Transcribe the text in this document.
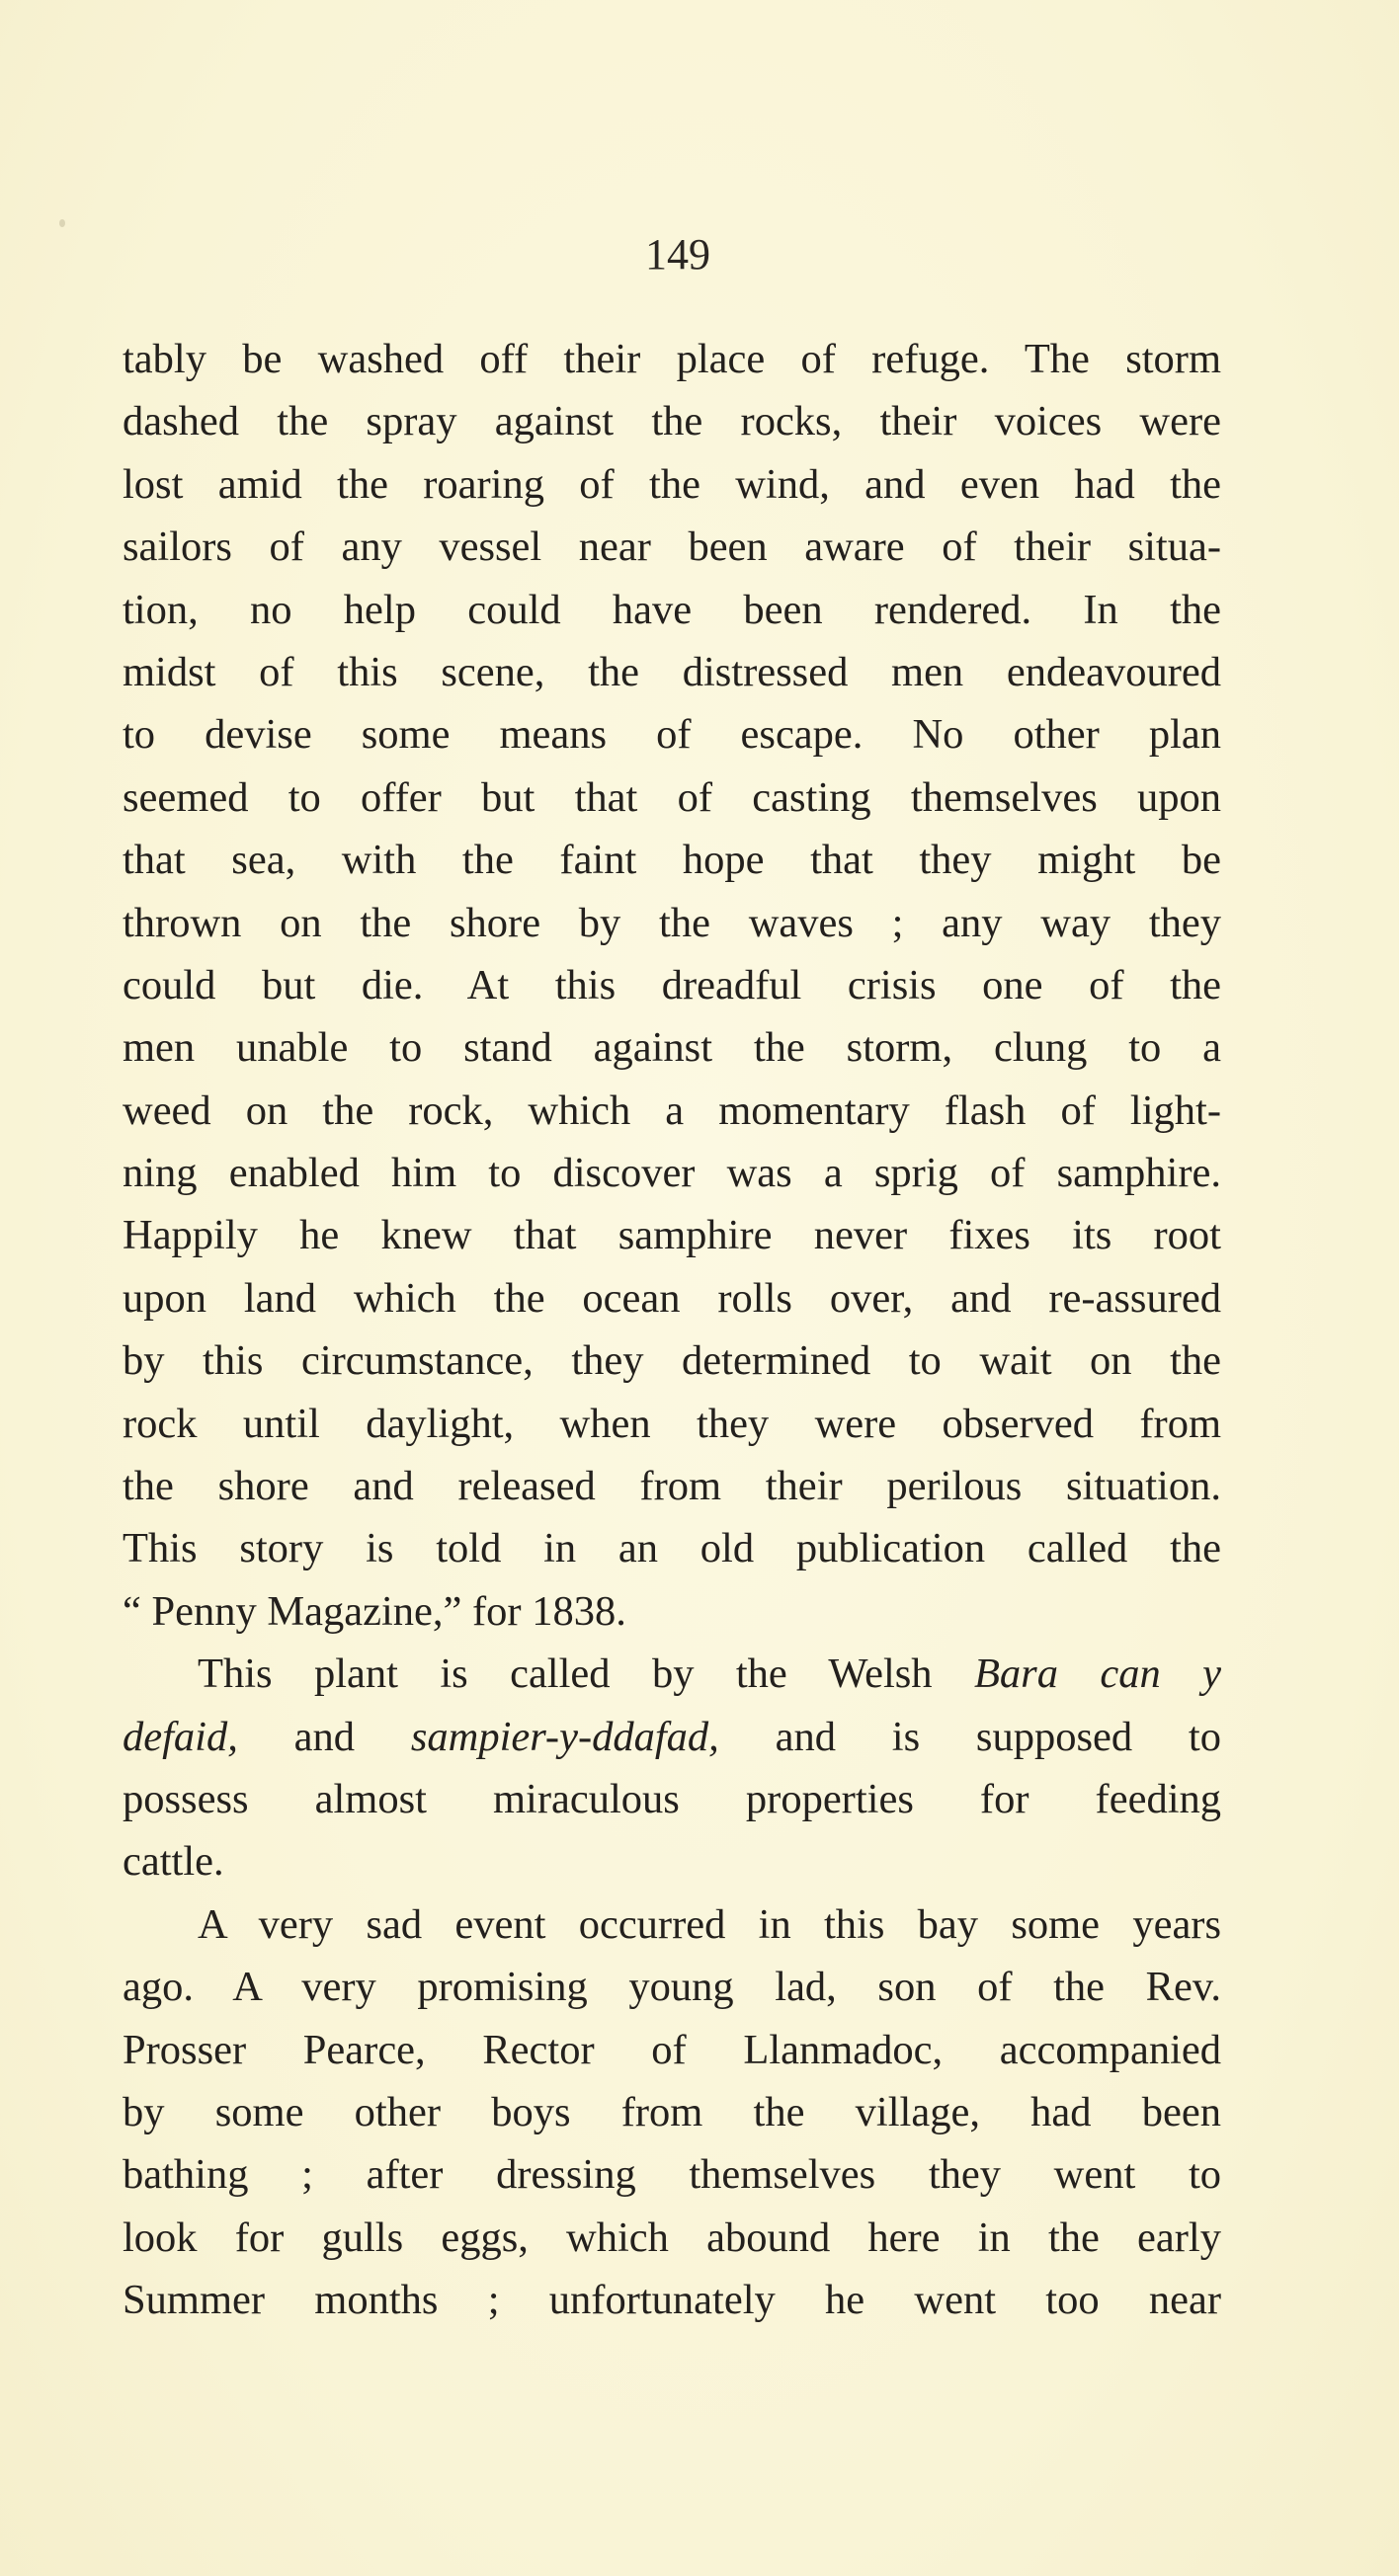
149
tably be washed off their place of refuge. The storm
dashed the spray against the rocks, their voices were
lost amid the roaring of the wind, and even had the
sailors of any vessel near been aware of their situa-
tion, no help could have been rendered. In the
midst of this scene, the distressed men endeavoured
to devise some means of escape. No other plan
seemed to offer but that of casting themselves upon
that sea, with the faint hope that they might be
thrown on the shore by the waves ; any way they
could but die. At this dreadful crisis one of the
men unable to stand against the storm, clung to a
weed on the rock, which a momentary flash of light-
ning enabled him to discover was a sprig of samphire.
Happily he knew that samphire never fixes its root
upon land which the ocean rolls over, and re-assured
by this circumstance, they determined to wait on the
rock until daylight, when they were observed from
the shore and released from their perilous situation.
This story is told in an old publication called the
“ Penny Magazine,” for 1838.
This plant is called by the Welsh Bara can y
defaid, and sampier-y-ddafad, and is supposed to
possess almost miraculous properties for feeding
cattle.
A very sad event occurred in this bay some years
ago. A very promising young lad, son of the Rev.
Prosser Pearce, Rector of Llanmadoc, accompanied
by some other boys from the village, had been
bathing ; after dressing themselves they went to
look for gulls eggs, which abound here in the early
Summer months ; unfortunately he went too near
